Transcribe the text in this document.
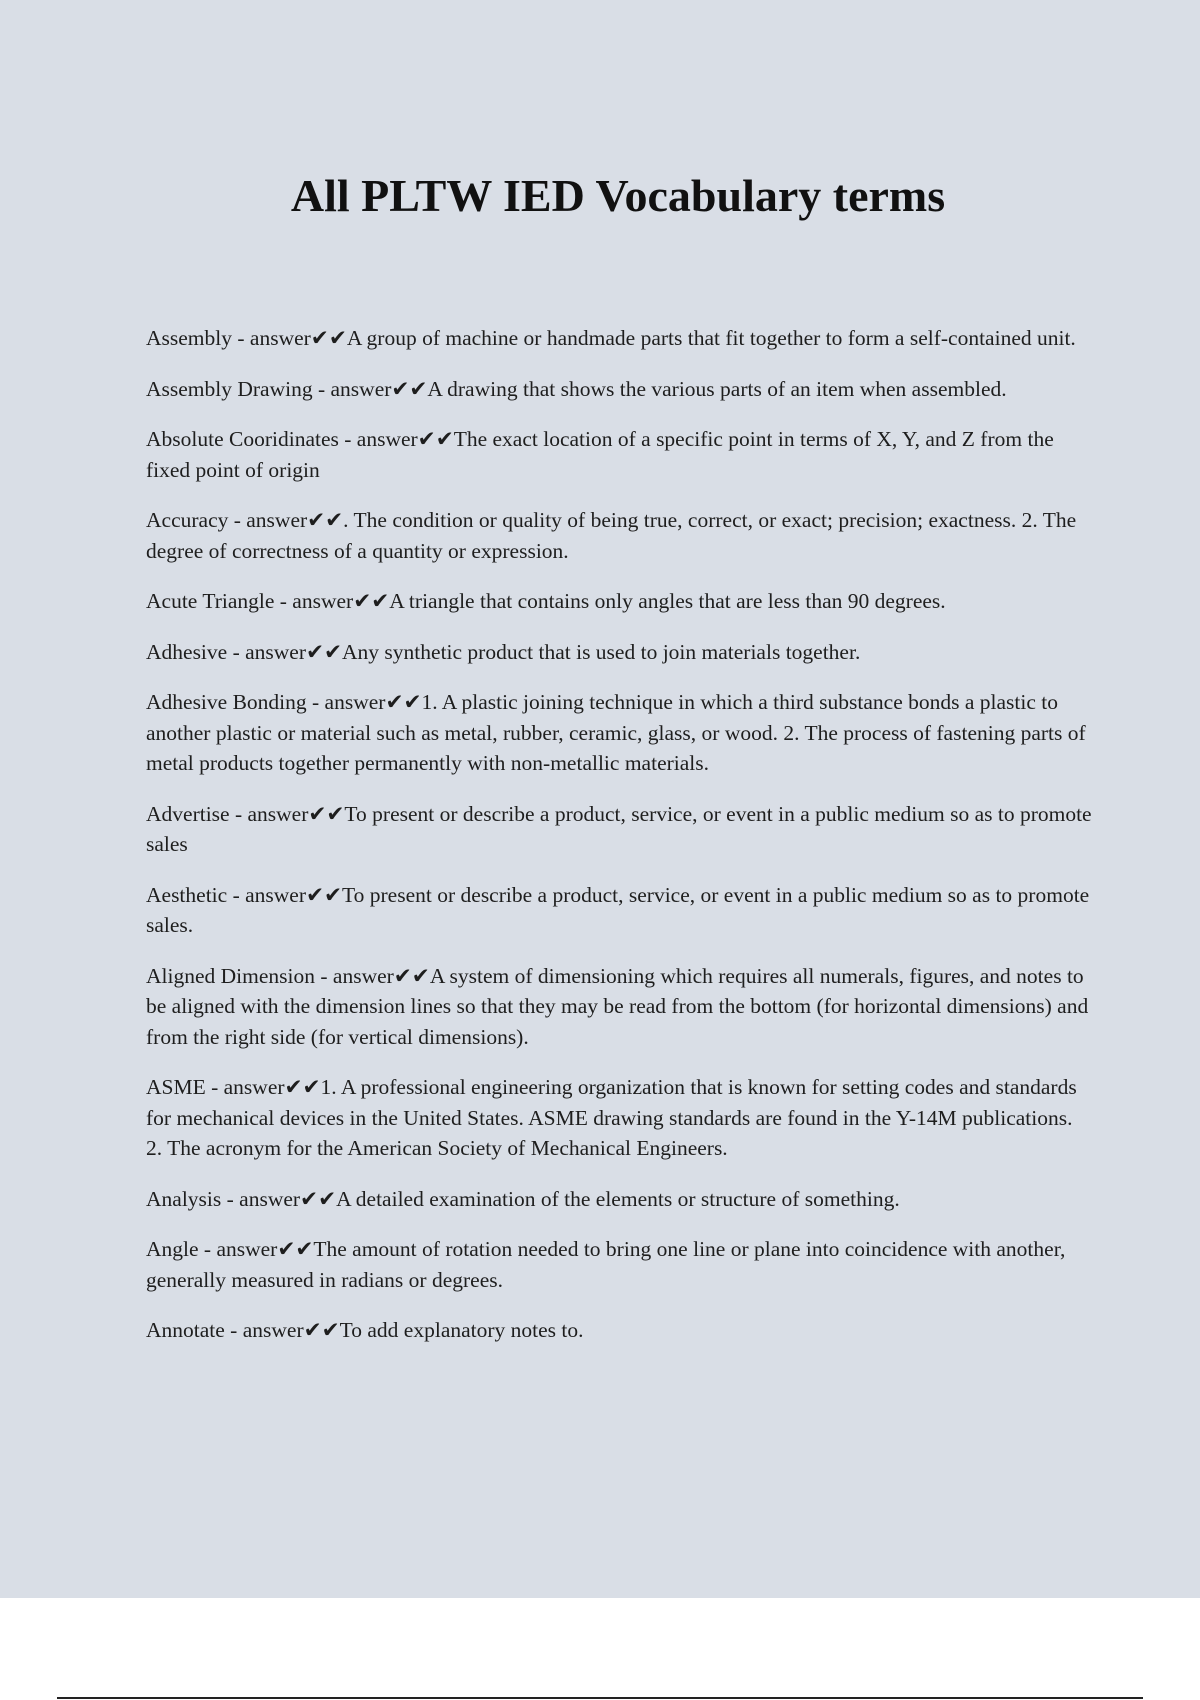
All PLTW IED Vocabulary terms

Assembly - answer✔✔A group of machine or handmade parts that fit together to form a self-contained unit.

Assembly Drawing - answer✔✔A drawing that shows the various parts of an item when assembled.

Absolute Cooridinates - answer✔✔The exact location of a specific point in terms of X, Y, and Z from the fixed point of origin

Accuracy - answer✔✔. The condition or quality of being true, correct, or exact; precision; exactness. 2. The degree of correctness of a quantity or expression.

Acute Triangle - answer✔✔A triangle that contains only angles that are less than 90 degrees.

Adhesive - answer✔✔Any synthetic product that is used to join materials together.

Adhesive Bonding - answer✔✔1. A plastic joining technique in which a third substance bonds a plastic to another plastic or material such as metal, rubber, ceramic, glass, or wood. 2. The process of fastening parts of metal products together permanently with non-metallic materials.

Advertise - answer✔✔To present or describe a product, service, or event in a public medium so as to promote sales

Aesthetic - answer✔✔To present or describe a product, service, or event in a public medium so as to promote sales.

Aligned Dimension - answer✔✔A system of dimensioning which requires all numerals, figures, and notes to be aligned with the dimension lines so that they may be read from the bottom (for horizontal dimensions) and from the right side (for vertical dimensions).

ASME - answer✔✔1. A professional engineering organization that is known for setting codes and standards for mechanical devices in the United States. ASME drawing standards are found in the Y-14M publications. 2. The acronym for the American Society of Mechanical Engineers.

Analysis - answer✔✔A detailed examination of the elements or structure of something.

Angle - answer✔✔The amount of rotation needed to bring one line or plane into coincidence with another, generally measured in radians or degrees.

Annotate - answer✔✔To add explanatory notes to.
